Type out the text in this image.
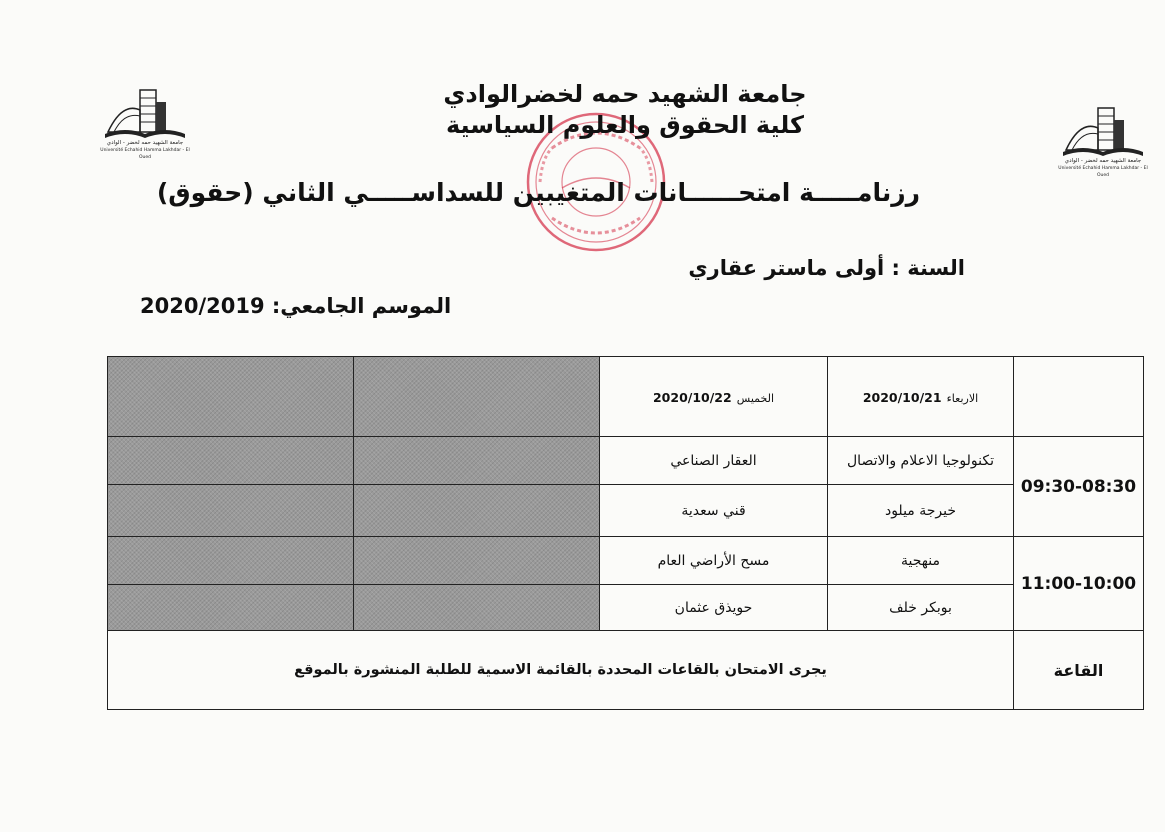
جامعة الشهيد حمه لخضر - الوادي
Université Echahid Hamma Lakhdar - El Oued
جامعة الشهيد حمه لخضر - الوادي
Université Echahid Hamma Lakhdar - El Oued
جامعة الشهيد حمه لخضرالوادي
كلية الحقوق والعلوم السياسية
رزنامـــــة امتحــــــانات المتغيبين للسداســـــي الثاني (حقوق)
السنة : أولى ماستر عقاري
الموسم الجامعي: 2020/2019
	الاربعاء 2020/10/21	الخميس 2020/10/22		
09:30-08:30	تكنولوجيا الاعلام والاتصال	العقار الصناعي		
	خيرجة ميلود	قني سعدية		
11:00-10:00	منهجية	مسح الأراضي العام		
	بوبكر خلف	حويذق عثمان		
القاعة	يجرى الامتحان بالقاعات المحددة بالقائمة الاسمية للطلبة المنشورة بالموقع			
